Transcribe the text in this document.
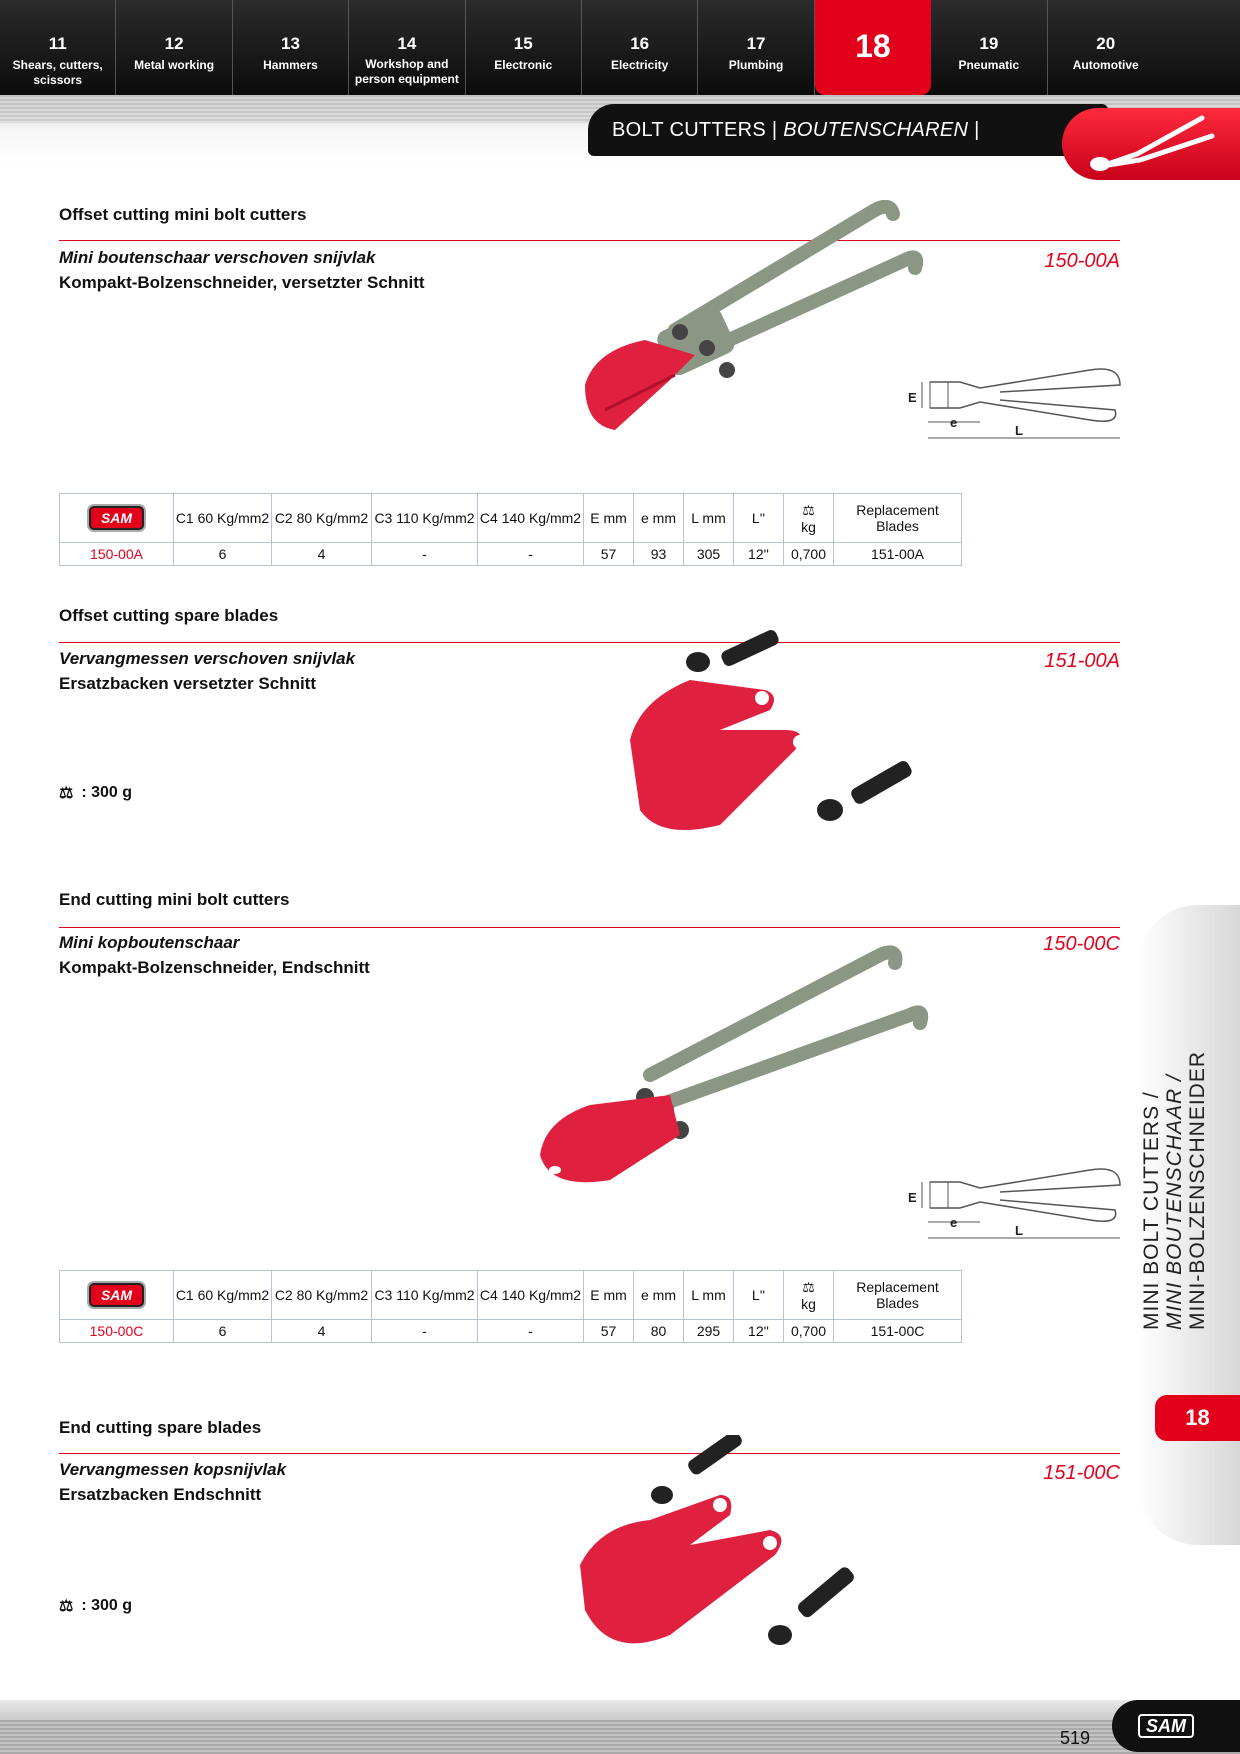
11
Shears, cutters, scissors
12
Metal working
13
Hammers
14
Workshop and person equipment
15
Electronic
16
Electricity
17
Plumbing
18	19
Pneumatic
20
Automotive
BOLT CUTTERS | BOUTENSCHAREN | BOLZENSCHNEIDER
Offset cutting mini bolt cutters
Mini boutenschaar verschoven snijvlak
Kompakt-Bolzenschneider, versetzter Schnitt
150-00A
E
e
L
SAM	C1 60 Kg/mm2	C2 80 Kg/mm2	C3 110 Kg/mm2	C4 140 Kg/mm2	E mm	e mm	L mm	L''	⚖
kg	Replacement Blades
150-00A	6	4	-	-	57	93	305	12''	0,700	151-00A
Offset cutting spare blades
Vervangmessen verschoven snijvlak
Ersatzbacken versetzter Schnitt
151-00A
⚖ : 300 g
End cutting mini bolt cutters
Mini kopboutenschaar
Kompakt-Bolzenschneider, Endschnitt
150-00C
E
e
L
SAM	C1 60 Kg/mm2	C2 80 Kg/mm2	C3 110 Kg/mm2	C4 140 Kg/mm2	E mm	e mm	L mm	L''	⚖
kg	Replacement Blades
150-00C	6	4	-	-	57	80	295	12''	0,700	151-00C
End cutting spare blades
Vervangmessen kopsnijvlak
Ersatzbacken Endschnitt
151-00C
⚖ : 300 g
MINI BOLT CUTTERS / MINI BOUTENSCHAAR / MINI-BOLZENSCHNEIDER
18
519
SAM
